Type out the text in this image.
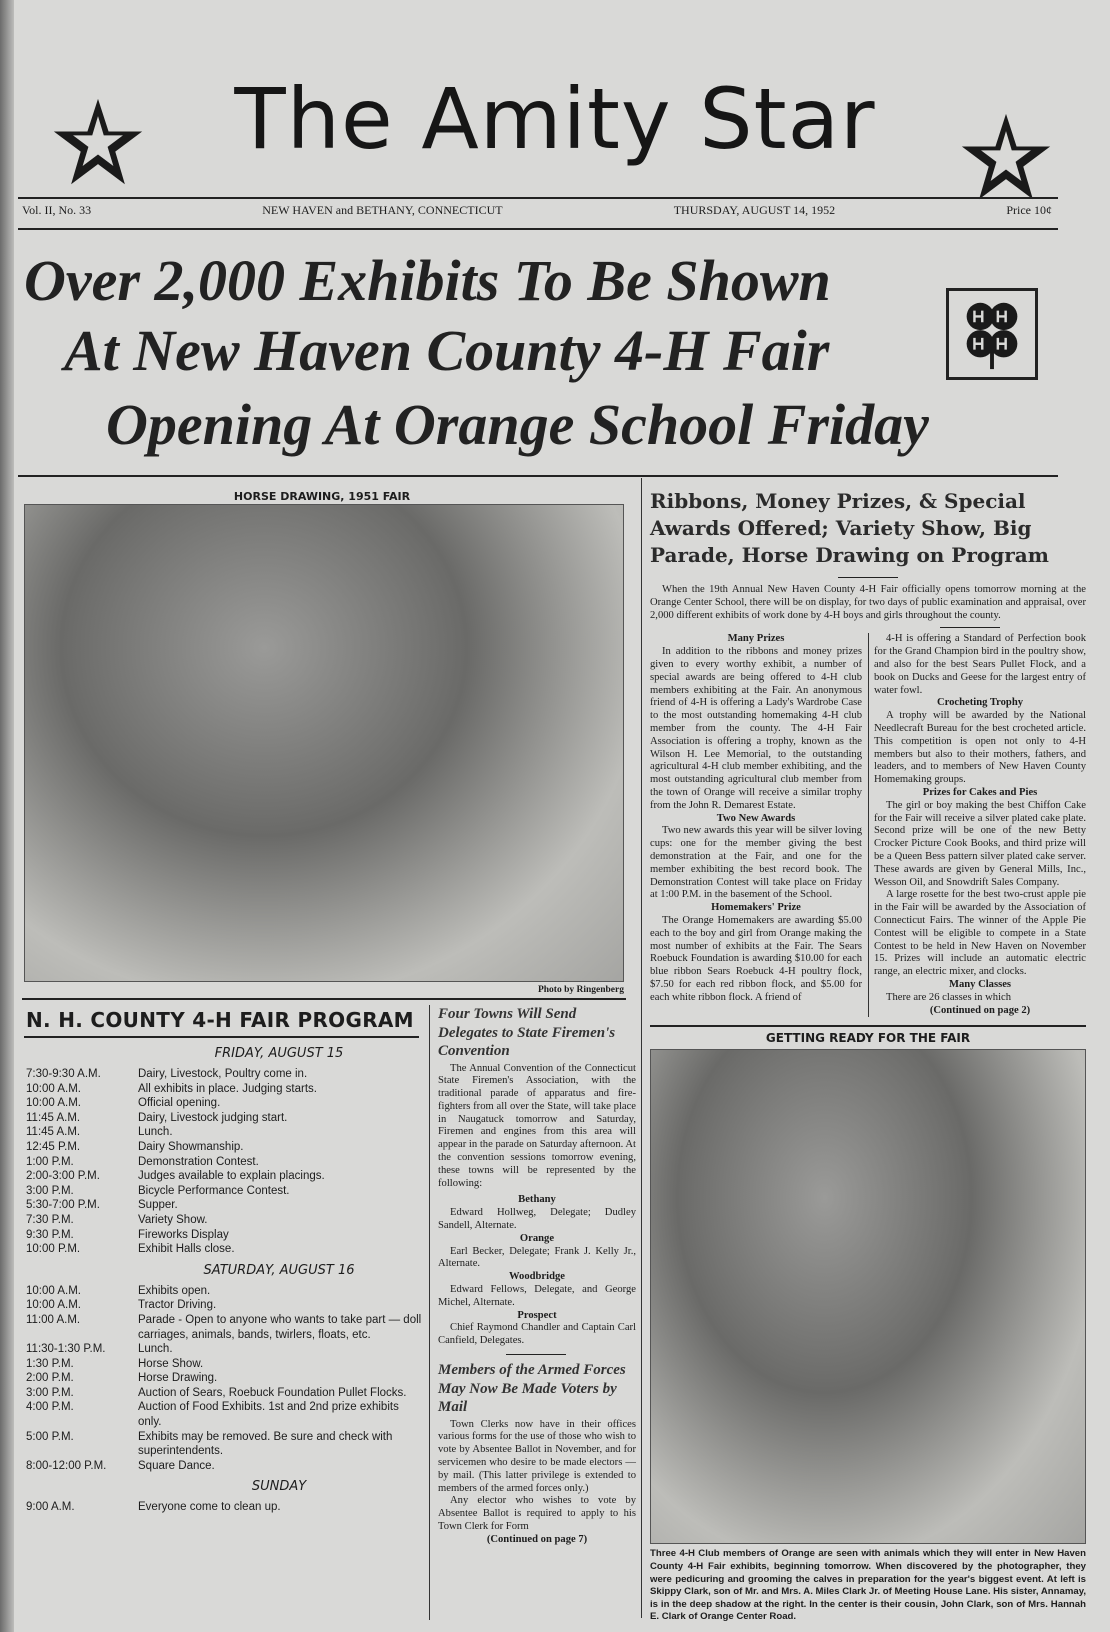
The Amity Star
Vol. II, No. 33	NEW HAVEN and BETHANY, CONNECTICUT	THURSDAY, AUGUST 14, 1952	Price 10¢
Over 2,000 Exhibits To Be Shown
At New Haven County 4-H Fair
Opening At Orange School Friday
HORSE DRAWING, 1951 FAIR
Photo by Ringenberg
Ribbons, Money Prizes, & Special Awards Offered; Variety Show, Big Parade, Horse Drawing on Program

When the 19th Annual New Haven County 4-H Fair officially opens tomorrow morning at the Orange Center School, there will be on display, for two days of public examination and appraisal, over 2,000 different exhibits of work done by 4-H boys and girls throughout the county.

Many Prizes

In addition to the ribbons and money prizes given to every worthy exhibit, a number of special awards are being offered to 4-H club members exhibiting at the Fair. An anonymous friend of 4-H is offering a Lady's Wardrobe Case to the most outstanding homemaking 4-H club member from the county. The 4-H Fair Association is offering a trophy, known as the Wilson H. Lee Memorial, to the outstanding agricultural 4-H club member exhibiting, and the most outstanding agricultural club member from the town of Orange will receive a similar trophy from the John R. Demarest Estate.

Two New Awards

Two new awards this year will be silver loving cups: one for the member giving the best demonstration at the Fair, and one for the member exhibiting the best record book. The Demonstration Contest will take place on Friday at 1:00 P.M. in the basement of the School.

Homemakers' Prize

The Orange Homemakers are awarding $5.00 each to the boy and girl from Orange making the most number of exhibits at the Fair. The Sears Roebuck Foundation is awarding $10.00 for each blue ribbon Sears Roebuck 4-H poultry flock, $7.50 for each red ribbon flock, and $5.00 for each white ribbon flock. A friend of

4-H is offering a Standard of Perfection book for the Grand Champion bird in the poultry show, and also for the best Sears Pullet Flock, and a book on Ducks and Geese for the largest entry of water fowl.

Crocheting Trophy

A trophy will be awarded by the National Needlecraft Bureau for the best crocheted article. This competition is open not only to 4-H members but also to their mothers, fathers, and leaders, and to members of New Haven County Homemaking groups.

Prizes for Cakes and Pies

The girl or boy making the best Chiffon Cake for the Fair will receive a silver plated cake plate. Second prize will be one of the new Betty Crocker Picture Cook Books, and third prize will be a Queen Bess pattern silver plated cake server. These awards are given by General Mills, Inc., Wesson Oil, and Snowdrift Sales Company.

A large rosette for the best two-crust apple pie in the Fair will be awarded by the Association of Connecticut Fairs. The winner of the Apple Pie Contest will be eligible to compete in a State Contest to be held in New Haven on November 15. Prizes will include an automatic electric range, an electric mixer, and clocks.

Many Classes

There are 26 classes in which

(Continued on page 2)

GETTING READY FOR THE FAIR
Three 4-H Club members of Orange are seen with animals which they will enter in New Haven County 4-H Fair exhibits, beginning tomorrow. When discovered by the photographer, they were pedicuring and grooming the calves in preparation for the year's biggest event. At left is Skippy Clark, son of Mr. and Mrs. A. Miles Clark Jr. of Meeting House Lane. His sister, Annamay, is in the deep shadow at the right. In the center is their cousin, John Clark, son of Mrs. Hannah E. Clark of Orange Center Road.
N. H. COUNTY 4-H FAIR PROGRAM
FRIDAY, AUGUST 15
7:30-9:30 A.M.	Dairy, Livestock, Poultry come in.
10:00 A.M.	All exhibits in place. Judging starts.
10:00 A.M.	Official opening.
11:45 A.M.	Dairy, Livestock judging start.
11:45 A.M.	Lunch.
12:45 P.M.	Dairy Showmanship.
1:00 P.M.	Demonstration Contest.
2:00-3:00 P.M.	Judges available to explain placings.
3:00 P.M.	Bicycle Performance Contest.
5:30-7:00 P.M.	Supper.
7:30 P.M.	Variety Show.
9:30 P.M.	Fireworks Display
10:00 P.M.	Exhibit Halls close.
SATURDAY, AUGUST 16
10:00 A.M.	Exhibits open.
10:00 A.M.	Tractor Driving.
11:00 A.M.	Parade - Open to anyone who wants to take part — doll carriages, animals, bands, twirlers, floats, etc.
11:30-1:30 P.M.	Lunch.
1:30 P.M.	Horse Show.
2:00 P.M.	Horse Drawing.
3:00 P.M.	Auction of Sears, Roebuck Foundation Pullet Flocks.
4:00 P.M.	Auction of Food Exhibits. 1st and 2nd prize exhibits only.
5:00 P.M.	Exhibits may be removed. Be sure and check with superintendents.
8:00-12:00 P.M.	Square Dance.
SUNDAY
9:00 A.M.	Everyone come to clean up.
Four Towns Will Send Delegates to State Firemen's Convention

The Annual Convention of the Connecticut State Firemen's Association, with the traditional parade of apparatus and fire-fighters from all over the State, will take place in Naugatuck tomorrow and Saturday, Firemen and engines from this area will appear in the parade on Saturday afternoon. At the convention sessions tomorrow evening, these towns will be represented by the following:

Bethany

Edward Hollweg, Delegate; Dudley Sandell, Alternate.

Orange

Earl Becker, Delegate; Frank J. Kelly Jr., Alternate.

Woodbridge

Edward Fellows, Delegate, and George Michel, Alternate.

Prospect

Chief Raymond Chandler and Captain Carl Canfield, Delegates.

Members of the Armed Forces May Now Be Made Voters by Mail

Town Clerks now have in their offices various forms for the use of those who wish to vote by Absentee Ballot in November, and for servicemen who desire to be made electors — by mail. (This latter privilege is extended to members of the armed forces only.)

Any elector who wishes to vote by Absentee Ballot is required to apply to his Town Clerk for Form

(Continued on page 7)
